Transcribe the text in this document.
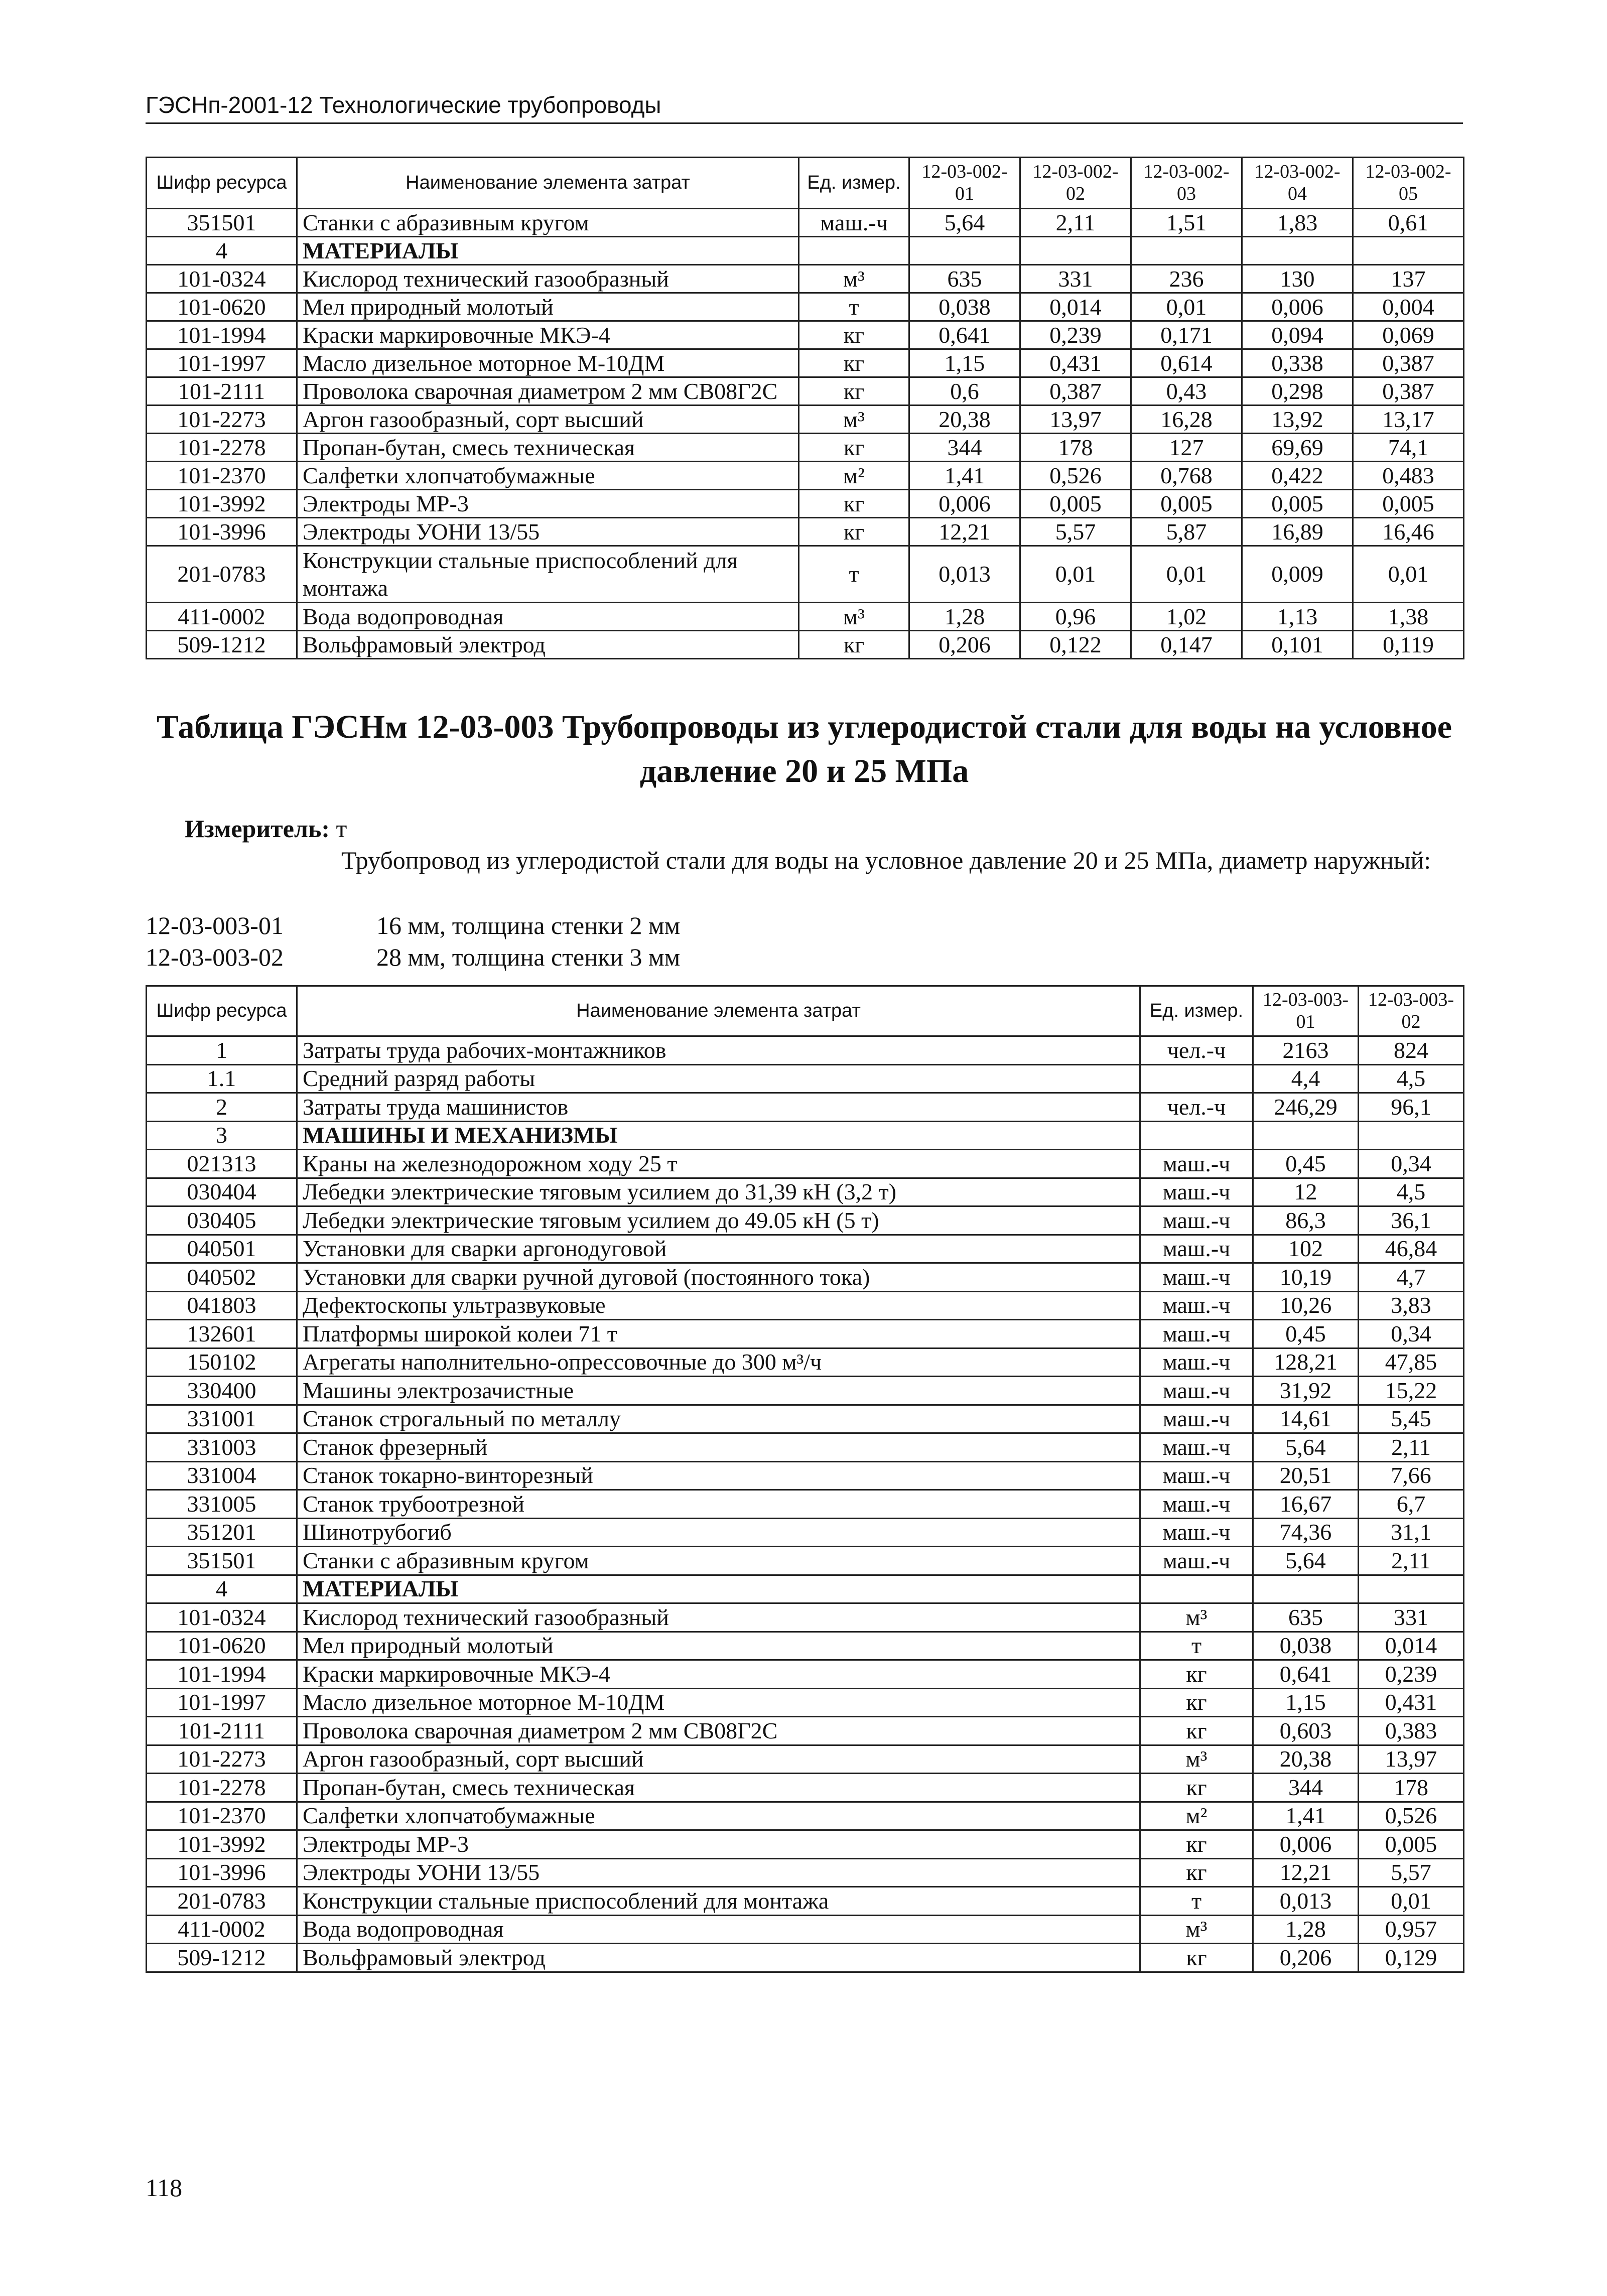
ГЭСНп-2001-12 Технологические трубопроводы
Шифр ресурса	Наименование элемента затрат	Ед. измер.	12-03-002-01	12-03-002-02	12-03-002-03	12-03-002-04	12-03-002-05
351501	Станки с абразивным кругом	маш.-ч	5,64	2,11	1,51	1,83	0,61
4	МАТЕРИАЛЫ						
101-0324	Кислород технический газообразный	м³	635	331	236	130	137
101-0620	Мел природный молотый	т	0,038	0,014	0,01	0,006	0,004
101-1994	Краски маркировочные МКЭ-4	кг	0,641	0,239	0,171	0,094	0,069
101-1997	Масло дизельное моторное М-10ДМ	кг	1,15	0,431	0,614	0,338	0,387
101-2111	Проволока сварочная диаметром 2 мм СВ08Г2С	кг	0,6	0,387	0,43	0,298	0,387
101-2273	Аргон газообразный, сорт высший	м³	20,38	13,97	16,28	13,92	13,17
101-2278	Пропан-бутан, смесь техническая	кг	344	178	127	69,69	74,1
101-2370	Салфетки хлопчатобумажные	м²	1,41	0,526	0,768	0,422	0,483
101-3992	Электроды МР-3	кг	0,006	0,005	0,005	0,005	0,005
101-3996	Электроды УОНИ 13/55	кг	12,21	5,57	5,87	16,89	16,46
201-0783	Конструкции стальные приспособлений для монтажа	т	0,013	0,01	0,01	0,009	0,01
411-0002	Вода водопроводная	м³	1,28	0,96	1,02	1,13	1,38
509-1212	Вольфрамовый электрод	кг	0,206	0,122	0,147	0,101	0,119
Таблица ГЭСНм 12-03-003 Трубопроводы из углеродистой стали для воды на условное давление 20 и 25 МПа
Измеритель: т
Трубопровод из углеродистой стали для воды на условное давление 20 и 25 МПа, диаметр наружный:
12-03-003-01	16 мм, толщина стенки 2 мм
12-03-003-02	28 мм, толщина стенки 3 мм
Шифр ресурса	Наименование элемента затрат	Ед. измер.	12-03-003-01	12-03-003-02
1	Затраты труда рабочих-монтажников	чел.-ч	2163	824
1.1	Средний разряд работы		4,4	4,5
2	Затраты труда машинистов	чел.-ч	246,29	96,1
3	МАШИНЫ И МЕХАНИЗМЫ			
021313	Краны на железнодорожном ходу 25 т	маш.-ч	0,45	0,34
030404	Лебедки электрические тяговым усилием до 31,39 кН (3,2 т)	маш.-ч	12	4,5
030405	Лебедки электрические тяговым усилием до 49.05 кН (5 т)	маш.-ч	86,3	36,1
040501	Установки для сварки аргонодуговой	маш.-ч	102	46,84
040502	Установки для сварки ручной дуговой (постоянного тока)	маш.-ч	10,19	4,7
041803	Дефектоскопы ультразвуковые	маш.-ч	10,26	3,83
132601	Платформы широкой колеи 71 т	маш.-ч	0,45	0,34
150102	Агрегаты наполнительно-опрессовочные до 300 м³/ч	маш.-ч	128,21	47,85
330400	Машины электрозачистные	маш.-ч	31,92	15,22
331001	Станок строгальный по металлу	маш.-ч	14,61	5,45
331003	Станок фрезерный	маш.-ч	5,64	2,11
331004	Станок токарно-винторезный	маш.-ч	20,51	7,66
331005	Станок трубоотрезной	маш.-ч	16,67	6,7
351201	Шинотрубогиб	маш.-ч	74,36	31,1
351501	Станки с абразивным кругом	маш.-ч	5,64	2,11
4	МАТЕРИАЛЫ			
101-0324	Кислород технический газообразный	м³	635	331
101-0620	Мел природный молотый	т	0,038	0,014
101-1994	Краски маркировочные МКЭ-4	кг	0,641	0,239
101-1997	Масло дизельное моторное М-10ДМ	кг	1,15	0,431
101-2111	Проволока сварочная диаметром 2 мм СВ08Г2С	кг	0,603	0,383
101-2273	Аргон газообразный, сорт высший	м³	20,38	13,97
101-2278	Пропан-бутан, смесь техническая	кг	344	178
101-2370	Салфетки хлопчатобумажные	м²	1,41	0,526
101-3992	Электроды МР-3	кг	0,006	0,005
101-3996	Электроды УОНИ 13/55	кг	12,21	5,57
201-0783	Конструкции стальные приспособлений для монтажа	т	0,013	0,01
411-0002	Вода водопроводная	м³	1,28	0,957
509-1212	Вольфрамовый электрод	кг	0,206	0,129
118
